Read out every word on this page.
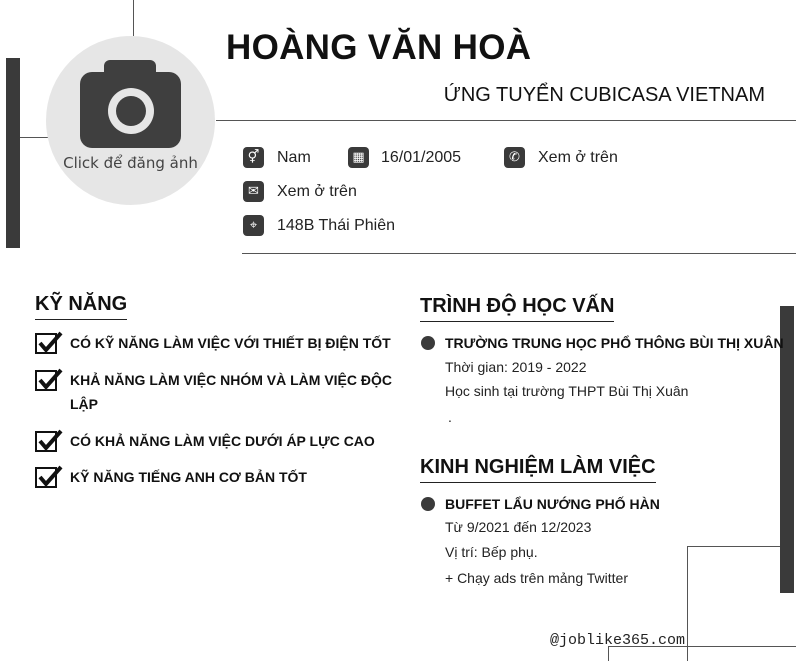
Click để đăng ảnh
HOÀNG VĂN HOÀ
ỨNG TUYỂN CUBICASA VIETNAM
⚥ Nam	▦ 16/01/2005	✆	Xem ở trên
✉	Xem ở trên
⌖	148B Thái Phiên
KỸ NĂNG
CÓ KỸ NĂNG LÀM VIỆC VỚI THIẾT BỊ ĐIỆN TỐT
KHẢ NĂNG LÀM VIỆC NHÓM VÀ LÀM VIỆC ĐỘC LẬP
CÓ KHẢ NĂNG LÀM VIỆC DƯỚI ÁP LỰC CAO
KỸ NĂNG TIẾNG ANH CƠ BẢN TỐT
TRÌNH ĐỘ HỌC VẤN
TRƯỜNG TRUNG HỌC PHỔ THÔNG BÙI THỊ XUÂN
Thời gian: 2019 - 2022
Học sinh tại trường THPT Bùi Thị Xuân
.
KINH NGHIỆM LÀM VIỆC
BUFFET LẨU NƯỚNG PHỐ HÀN
Từ 9/2021 đến 12/2023
Vị trí: Bếp phụ.
+ Chạy ads trên mảng Twitter
@joblike365.com
